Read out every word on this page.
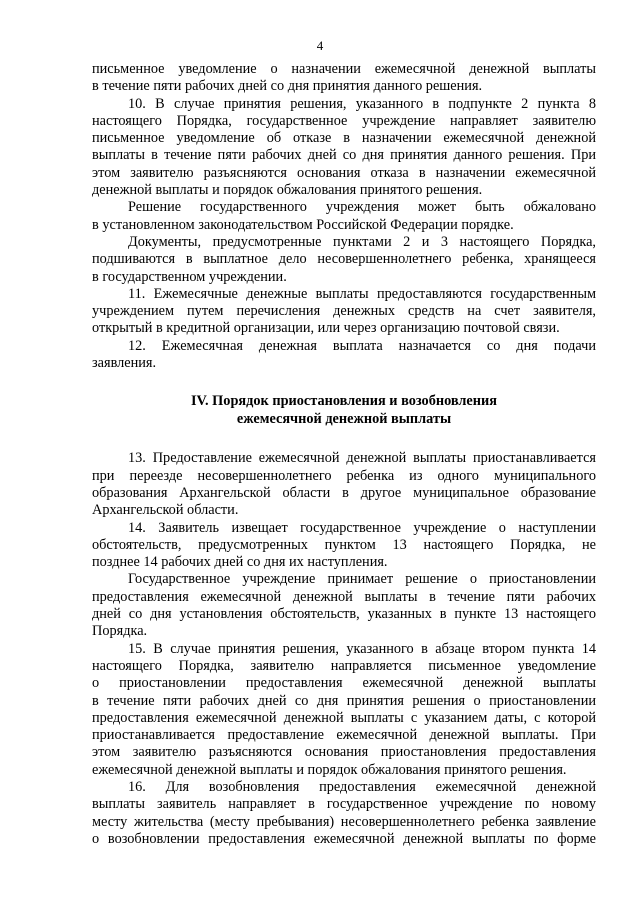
4
письменное уведомление о назначении ежемесячной денежной выплаты
в течение пяти рабочих дней со дня принятия данного решения.
10. В случае принятия решения, указанного в подпункте 2 пункта 8
настоящего Порядка, государственное учреждение направляет заявителю
письменное уведомление об отказе в назначении ежемесячной денежной
выплаты в течение пяти рабочих дней со дня принятия данного решения. При
этом заявителю разъясняются основания отказа в назначении ежемесячной
денежной выплаты и порядок обжалования принятого решения.
Решение государственного учреждения может быть обжаловано
в установленном законодательством Российской Федерации порядке.
Документы, предусмотренные пунктами 2 и 3 настоящего Порядка,
подшиваются в выплатное дело несовершеннолетнего ребенка, хранящееся
в государственном учреждении.
11. Ежемесячные денежные выплаты предоставляются государственным
учреждением путем перечисления денежных средств на счет заявителя,
открытый в кредитной организации, или через организацию почтовой связи.
12. Ежемесячная денежная выплата назначается со дня подачи
заявления.
IV. Порядок приостановления и возобновления
ежемесячной денежной выплаты
13. Предоставление ежемесячной денежной выплаты приостанавливается
при переезде несовершеннолетнего ребенка из одного муниципального
образования Архангельской области в другое муниципальное образование
Архангельской области.
14. Заявитель извещает государственное учреждение о наступлении
обстоятельств, предусмотренных пунктом 13 настоящего Порядка, не
позднее 14 рабочих дней со дня их наступления.
Государственное учреждение принимает решение о приостановлении
предоставления ежемесячной денежной выплаты в течение пяти рабочих
дней со дня установления обстоятельств, указанных в пункте 13 настоящего
Порядка.
15. В случае принятия решения, указанного в абзаце втором пункта 14
настоящего Порядка, заявителю направляется письменное уведомление
о приостановлении предоставления ежемесячной денежной выплаты
в течение пяти рабочих дней со дня принятия решения о приостановлении
предоставления ежемесячной денежной выплаты с указанием даты, с которой
приостанавливается предоставление ежемесячной денежной выплаты. При
этом заявителю разъясняются основания приостановления предоставления
ежемесячной денежной выплаты и порядок обжалования принятого решения.
16. Для возобновления предоставления ежемесячной денежной
выплаты заявитель направляет в государственное учреждение по новому
месту жительства (месту пребывания) несовершеннолетнего ребенка заявление
о возобновлении предоставления ежемесячной денежной выплаты по форме
